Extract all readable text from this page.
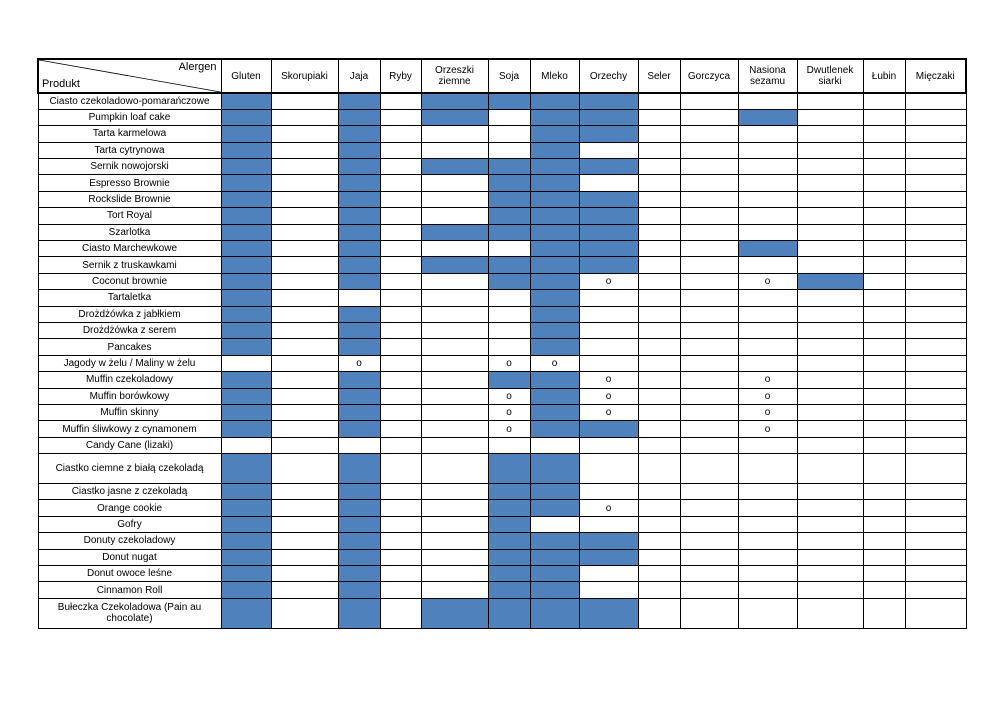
Alergen
Produkt	Gluten	Skorupiaki	Jaja	Ryby	Orzeszki ziemne	Soja	Mleko	Orzechy	Seler	Gorczyca	Nasiona sezamu	Dwutlenek siarki	Łubin	Mięczaki
Ciasto czekoladowo-pomarańczowe														
Pumpkin loaf cake														
Tarta karmelowa														
Tarta cytrynowa														
Sernik nowojorski														
Espresso Brownie														
Rockslide Brownie														
Tort Royal														
Szarlotka														
Ciasto Marchewkowe														
Sernik z truskawkami														
Coconut brownie								o			o			
Tartaletka														
Drożdżówka z jabłkiem														
Drożdżówka z serem														
Pancakes														
Jagody w żelu / Maliny w żelu			o			o	o							
Muffin czekoladowy								o			o			
Muffin borówkowy						o		o			o			
Muffin skinny						o		o			o			
Muffin śliwkowy z cynamonem						o					o			
Candy Cane (lizaki)														
Ciastko ciemne z białą czekoladą														
Ciastko jasne z czekoladą														
Orange cookie								o						
Gofry														
Donuty czekoladowy														
Donut nugat														
Donut owoce leśne														
Cinnamon Roll														
Bułeczka Czekoladowa (Pain au chocolate)														
